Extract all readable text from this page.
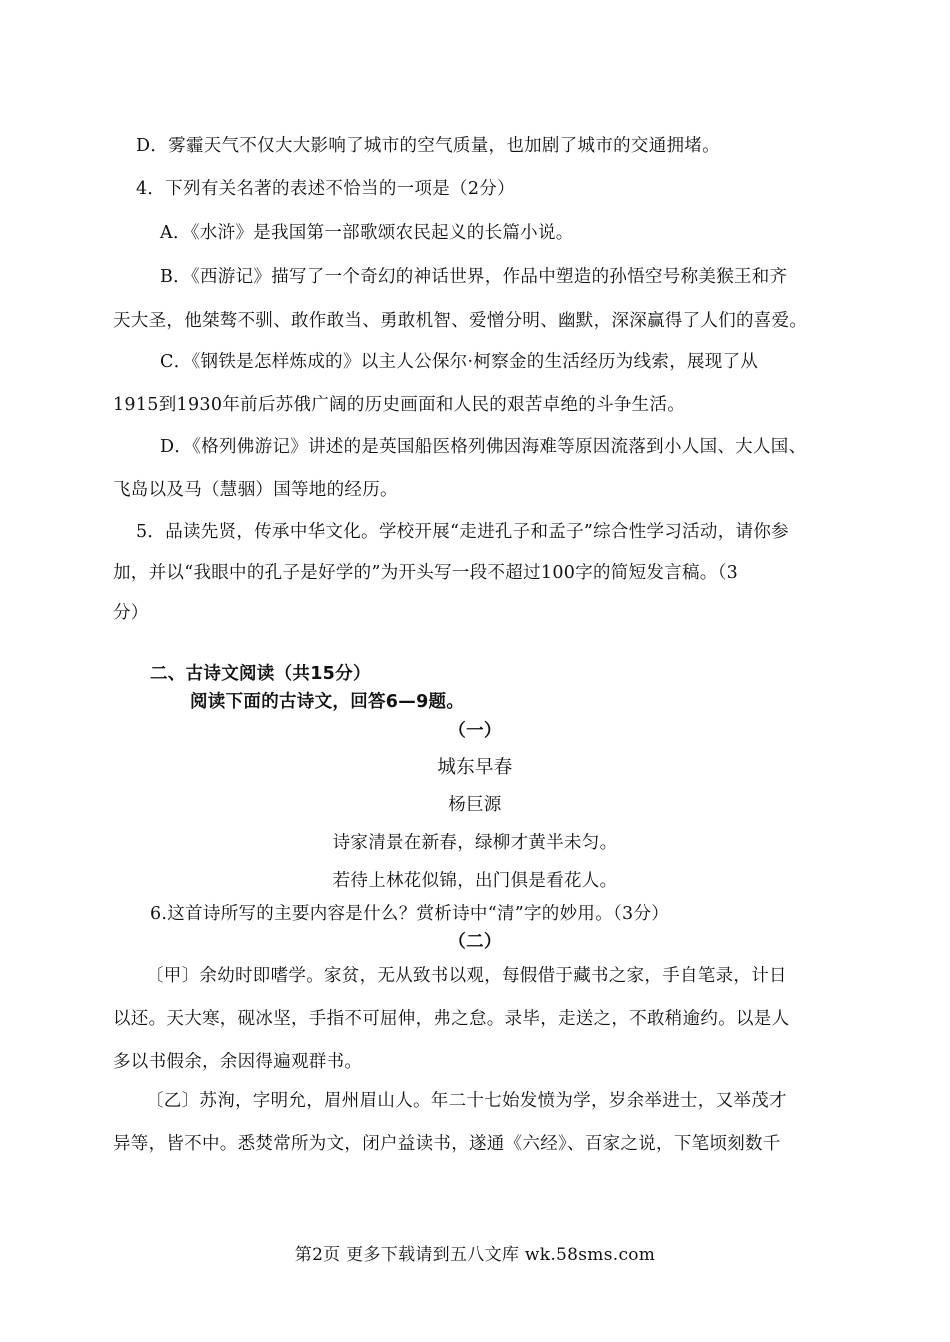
D．雾霾天气不仅大大影响了城市的空气质量，也加剧了城市的交通拥堵。
4．下列有关名著的表述不恰当的一项是（2分）
A．《水浒》是我国第一部歌颂农民起义的长篇小说。
B．《西游记》描写了一个奇幻的神话世界，作品中塑造的孙悟空号称美猴王和齐
天大圣，他桀骜不驯、敢作敢当、勇敢机智、爱憎分明、幽默，深深赢得了人们的喜爱。
C．《钢铁是怎样炼成的》以主人公保尔·柯察金的生活经历为线索，展现了从
1915到1930年前后苏俄广阔的历史画面和人民的艰苦卓绝的斗争生活。
D．《格列佛游记》讲述的是英国船医格列佛因海难等原因流落到小人国、大人国、
飞岛以及马（慧骃）国等地的经历。
5．品读先贤，传承中华文化。学校开展“走进孔子和孟子”综合性学习活动，请你参
加，并以“我眼中的孔子是好学的”为开头写一段不超过100字的简短发言稿。（3
分）
二、古诗文阅读（共15分）
阅读下面的古诗文，回答6—9题。
（一）
城东早春
杨巨源
诗家清景在新春，绿柳才黄半未匀。
若待上林花似锦，出门俱是看花人。
6.这首诗所写的主要内容是什么？赏析诗中“清”字的妙用。（3分）
（二）
〔甲〕余幼时即嗜学。家贫，无从致书以观，每假借于藏书之家，手自笔录，计日
以还。天大寒，砚冰坚，手指不可屈伸，弗之怠。录毕，走送之，不敢稍逾约。以是人
多以书假余，余因得遍观群书。
〔乙〕苏洵，字明允，眉州眉山人。年二十七始发愤为学，岁余举进士，又举茂才
异等，皆不中。悉焚常所为文，闭户益读书，遂通《六经》、百家之说，下笔顷刻数千
第2页 更多下载请到五八文库 wk.58sms.com
